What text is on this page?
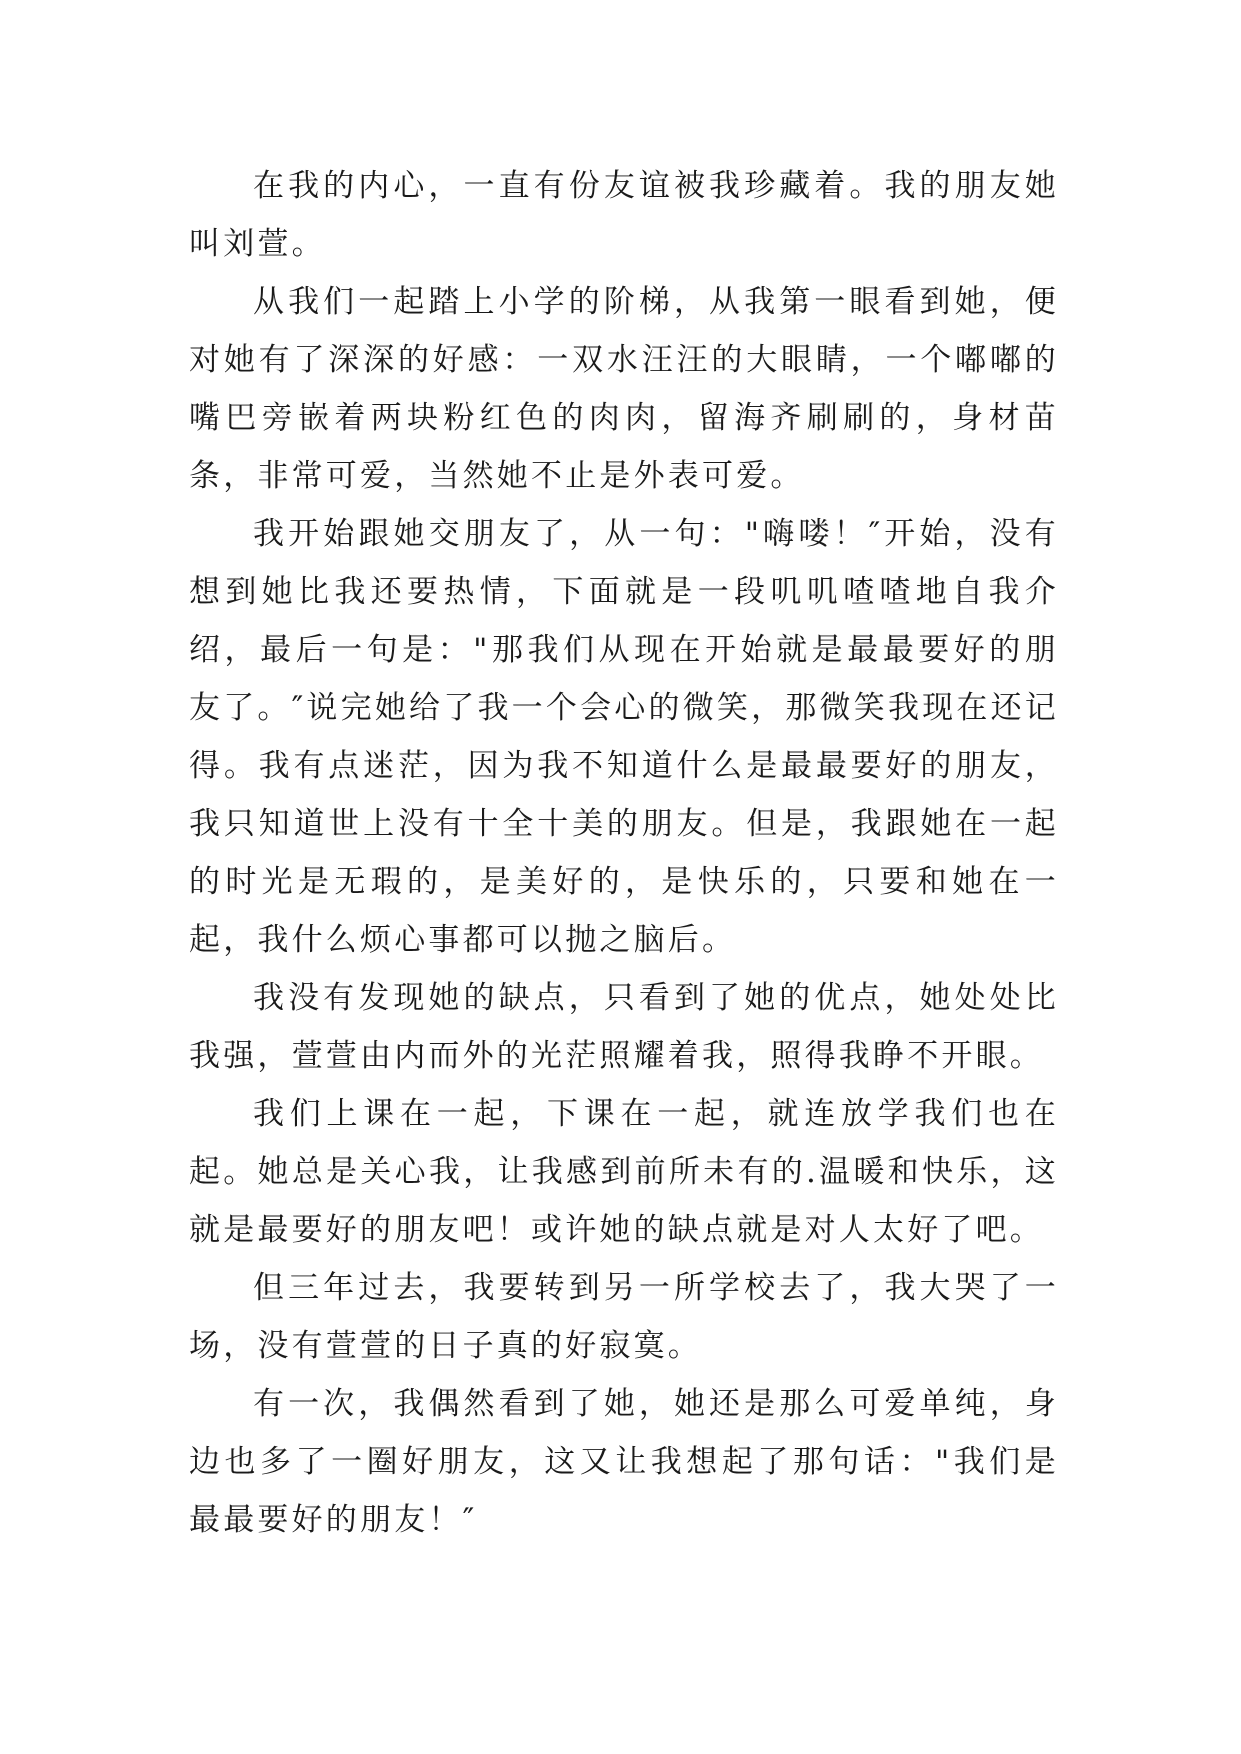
在我的内心，一直有份友谊被我珍藏着。我的朋友她叫刘萱。

从我们一起踏上小学的阶梯，从我第一眼看到她，便对她有了深深的好感：一双水汪汪的大眼睛，一个嘟嘟的嘴巴旁嵌着两块粉红色的肉肉，留海齐刷刷的，身材苗条，非常可爱，当然她不止是外表可爱。

我开始跟她交朋友了，从一句："嗨喽！″开始，没有想到她比我还要热情，下面就是一段叽叽喳喳地自我介绍，最后一句是："那我们从现在开始就是最最要好的朋友了。″说完她给了我一个会心的微笑，那微笑我现在还记得。我有点迷茫，因为我不知道什么是最最要好的朋友，我只知道世上没有十全十美的朋友。但是，我跟她在一起的时光是无瑕的，是美好的，是快乐的，只要和她在一起，我什么烦心事都可以抛之脑后。

我没有发现她的缺点，只看到了她的优点，她处处比我强，萱萱由内而外的光茫照耀着我，照得我睁不开眼。

我们上课在一起，下课在一起，就连放学我们也在起。她总是关心我，让我感到前所未有的.温暖和快乐，这就是最要好的朋友吧！或许她的缺点就是对人太好了吧。

但三年过去，我要转到另一所学校去了，我大哭了一场，没有萱萱的日子真的好寂寞。

有一次，我偶然看到了她，她还是那么可爱单纯，身边也多了一圈好朋友，这又让我想起了那句话："我们是最最要好的朋友！″
